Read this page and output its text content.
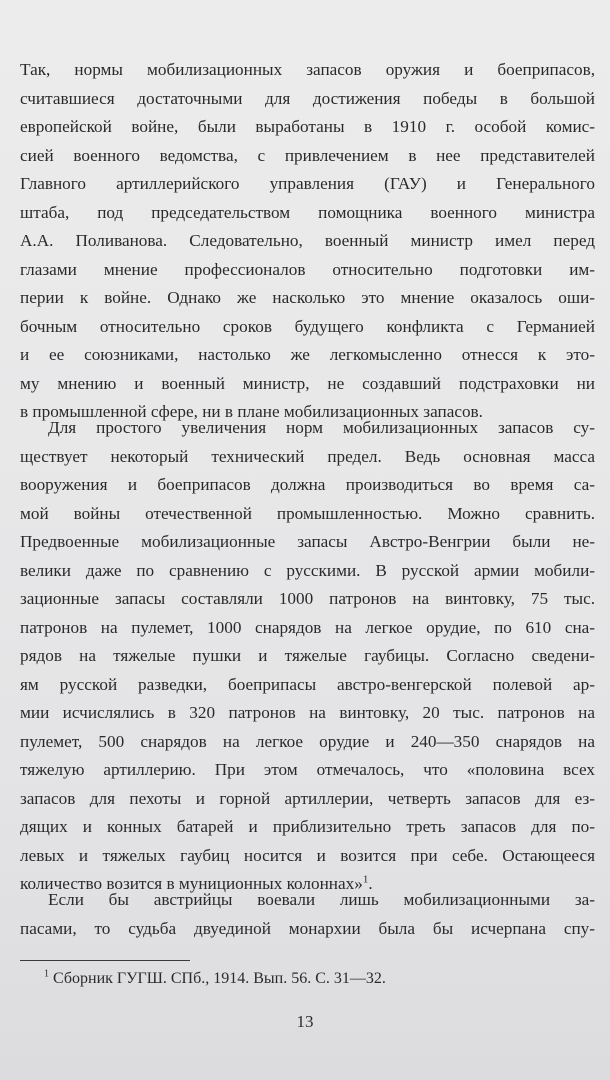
Так, нормы мобилизационных запасов оружия и боеприпасов,
считавшиеся достаточными для достижения победы в большой
европейской войне, были выработаны в 1910 г. особой комис-
сией военного ведомства, с привлечением в нее представителей
Главного артиллерийского управления (ГАУ) и Генерального
штаба, под председательством помощника военного министра
А.А. Поливанова. Следовательно, военный министр имел перед
глазами мнение профессионалов относительно подготовки им-
перии к войне. Однако же насколько это мнение оказалось оши-
бочным относительно сроков будущего конфликта с Германией
и ее союзниками, настолько же легкомысленно отнесся к это-
му мнению и военный министр, не создавший подстраховки ни
в промышленной сфере, ни в плане мобилизационных запасов.
Для простого увеличения норм мобилизационных запасов су-
ществует некоторый технический предел. Ведь основная масса
вооружения и боеприпасов должна производиться во время са-
мой войны отечественной промышленностью. Можно сравнить.
Предвоенные мобилизационные запасы Австро-Венгрии были не-
велики даже по сравнению с русскими. В русской армии мобили-
зационные запасы составляли 1000 патронов на винтовку, 75 тыс.
патронов на пулемет, 1000 снарядов на легкое орудие, по 610 сна-
рядов на тяжелые пушки и тяжелые гаубицы. Согласно сведени-
ям русской разведки, боеприпасы австро-венгерской полевой ар-
мии исчислялись в 320 патронов на винтовку, 20 тыс. патронов на
пулемет, 500 снарядов на легкое орудие и 240—350 снарядов на
тяжелую артиллерию. При этом отмечалось, что «половина всех
запасов для пехоты и горной артиллерии, четверть запасов для ез-
дящих и конных батарей и приблизительно треть запасов для по-
левых и тяжелых гаубиц носится и возится при себе. Остающееся
количество возится в муниционных колоннах»$^1$.
Если бы австрийцы воевали лишь мобилизационными за-
пасами, то судьба двуединой монархии была бы исчерпана спу-
$^1$ Сборник ГУГШ. СПб., 1914. Вып. 56. С. 31—32.
13
